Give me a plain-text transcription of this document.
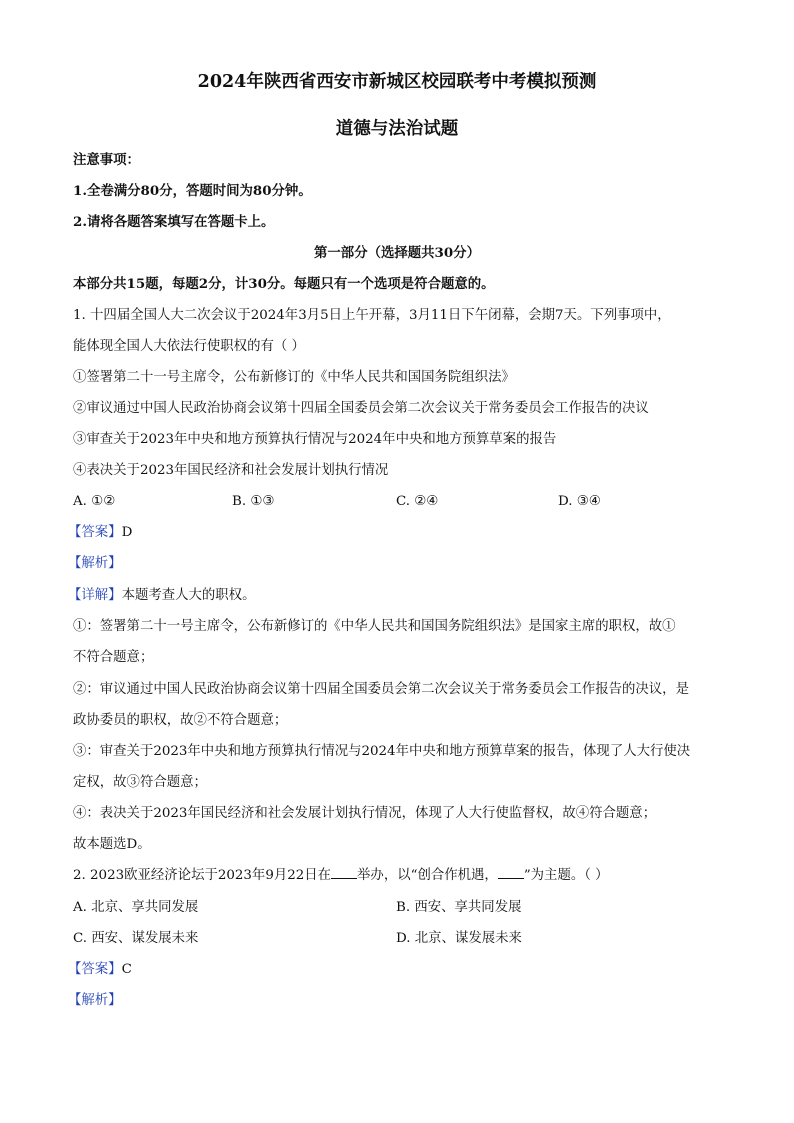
2024年陕西省西安市新城区校园联考中考模拟预测
道德与法治试题
注意事项：
1.全卷满分80分，答题时间为80分钟。
2.请将各题答案填写在答题卡上。
第一部分（选择题共30分）
本部分共15题，每题2分，计30分。每题只有一个选项是符合题意的。
1. 十四届全国人大二次会议于2024年3月5日上午开幕，3月11日下午闭幕，会期7天。下列事项中，
能体现全国人大依法行使职权的有（ ）
①签署第二十一号主席令，公布新修订的《中华人民共和国国务院组织法》
②审议通过中国人民政治协商会议第十四届全国委员会第二次会议关于常务委员会工作报告的决议
③审查关于2023年中央和地方预算执行情况与2024年中央和地方预算草案的报告
④表决关于2023年国民经济和社会发展计划执行情况
A. ①②	B. ①③	C. ②④	D. ③④
【答案】D
【解析】
【详解】本题考查人大的职权。
①：签署第二十一号主席令，公布新修订的《中华人民共和国国务院组织法》是国家主席的职权，故①
不符合题意；
②：审议通过中国人民政治协商会议第十四届全国委员会第二次会议关于常务委员会工作报告的决议，是
政协委员的职权，故②不符合题意；
③：审查关于2023年中央和地方预算执行情况与2024年中央和地方预算草案的报告，体现了人大行使决
定权，故③符合题意；
④：表决关于2023年国民经济和社会发展计划执行情况，体现了人大行使监督权，故④符合题意；
故本题选D。
2. 2023欧亚经济论坛于2023年9月22日在 举办，以“创合作机遇， ”为主题。（ ）
A. 北京、享共同发展	B. 西安、享共同发展
C. 西安、谋发展未来	D. 北京、谋发展未来
【答案】C
【解析】
